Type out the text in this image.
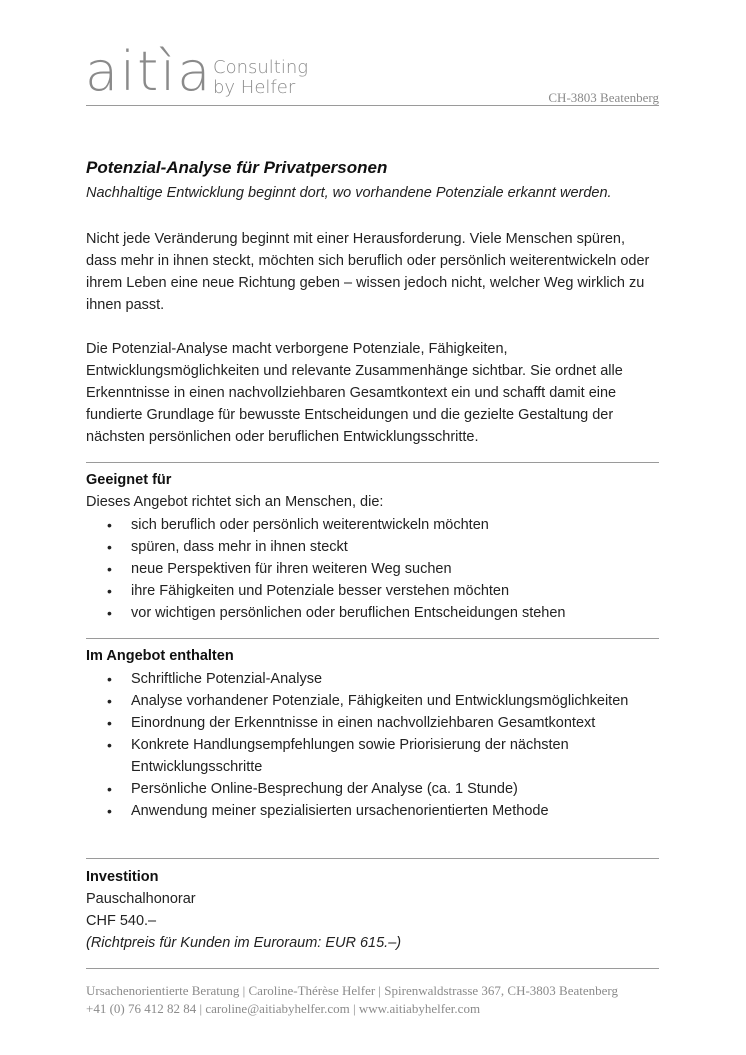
aitìa Consulting
by Helfer	CH-3803 Beatenberg
Potenzial-Analyse für Privatpersonen
Nachhaltige Entwicklung beginnt dort, wo vorhandene Potenziale erkannt werden.
Nicht jede Veränderung beginnt mit einer Herausforderung. Viele Menschen spüren, dass mehr in ihnen steckt, möchten sich beruflich oder persönlich weiterentwickeln oder ihrem Leben eine neue Richtung geben – wissen jedoch nicht, welcher Weg wirklich zu ihnen passt.
Die Potenzial-Analyse macht verborgene Potenziale, Fähigkeiten, Entwicklungsmöglichkeiten und relevante Zusammenhänge sichtbar. Sie ordnet alle Erkenntnisse in einen nachvollziehbaren Gesamtkontext ein und schafft damit eine fundierte Grundlage für bewusste Entscheidungen und die gezielte Gestaltung der nächsten persönlichen oder beruflichen Entwicklungsschritte.
Geeignet für
Dieses Angebot richtet sich an Menschen, die:
• sich beruflich oder persönlich weiterentwickeln möchten
• spüren, dass mehr in ihnen steckt
• neue Perspektiven für ihren weiteren Weg suchen
• ihre Fähigkeiten und Potenziale besser verstehen möchten
• vor wichtigen persönlichen oder beruflichen Entscheidungen stehen
Im Angebot enthalten
• Schriftliche Potenzial-Analyse
• Analyse vorhandener Potenziale, Fähigkeiten und Entwicklungsmöglichkeiten
• Einordnung der Erkenntnisse in einen nachvollziehbaren Gesamtkontext
• Konkrete Handlungsempfehlungen sowie Priorisierung der nächsten Entwicklungsschritte
• Persönliche Online-Besprechung der Analyse (ca. 1 Stunde)
• Anwendung meiner spezialisierten ursachenorientierten Methode
Investition
Pauschalhonorar
CHF 540.–
(Richtpreis für Kunden im Euroraum: EUR 615.–)
Ursachenorientierte Beratung | Caroline-Thérèse Helfer | Spirenwaldstrasse 367, CH-3803 Beatenberg
+41 (0) 76 412 82 84 | caroline@aitiabyhelfer.com | www.aitiabyhelfer.com
